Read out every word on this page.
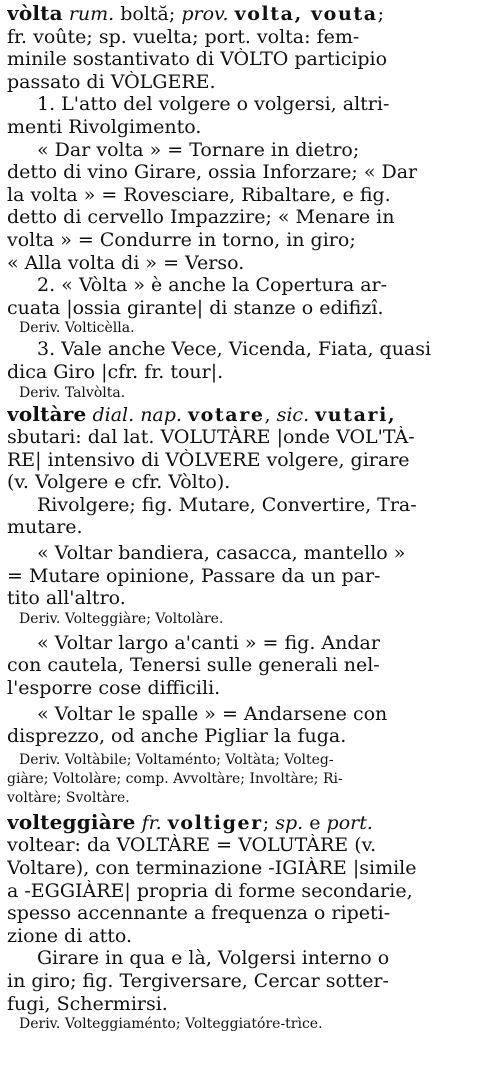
vòlta rum. boltă; prov. volta, vouta;
fr. voûte; sp. vuelta; port. volta: fem-
minile sostantivato di VÒLTO participio
passato di VÒLGERE.
1. L'atto del volgere o volgersi, altri-
menti Rivolgimento.
« Dar volta » = Tornare in dietro;
detto di vino Girare, ossia Inforzare; « Dar
la volta » = Rovesciare, Ribaltare, e fig.
detto di cervello Impazzire; « Menare in
volta » = Condurre in torno, in giro;
« Alla volta di » = Verso.
2. « Vòlta » è anche la Copertura ar-
cuata |ossia girante| di stanze o edifizî.
Deriv. Volticèlla.
3. Vale anche Vece, Vicenda, Fiata, quasi
dica Giro |cfr. fr. tour|.
Deriv. Talvòlta.
voltàre dial. nap. votare, sic. vutari,
sbutari: dal lat. VOLUTÀRE |onde VOL'TÀ-
RE| intensivo di VÒLVERE volgere, girare
(v. Volgere e cfr. Vòlto).
Rivolgere; fig. Mutare, Convertire, Tra-
mutare.
« Voltar bandiera, casacca, mantello »
= Mutare opinione, Passare da un par-
tito all'altro.
Deriv. Volteggiàre; Voltolàre.
« Voltar largo a'canti » = fig. Andar
con cautela, Tenersi sulle generali nel-
l'esporre cose difficili.
« Voltar le spalle » = Andarsene con
disprezzo, od anche Pigliar la fuga.
Deriv. Voltàbile; Voltaménto; Voltàta; Volteg-
giàre; Voltolàre; comp. Avvoltàre; Involtàre; Ri-
voltàre; Svoltàre.
volteggiàre fr. voltiger; sp. e port.
voltear: da VOLTÀRE = VOLUTÀRE (v.
Voltare), con terminazione -IGIÀRE |simile
a -EGGIÀRE| propria di forme secondarie,
spesso accennante a frequenza o ripeti-
zione di atto.
Girare in qua e là, Volgersi interno o
in giro; fig. Tergiversare, Cercar sotter-
fugi, Schermirsi.
Deriv. Volteggiaménto; Volteggiatóre-trìce.
